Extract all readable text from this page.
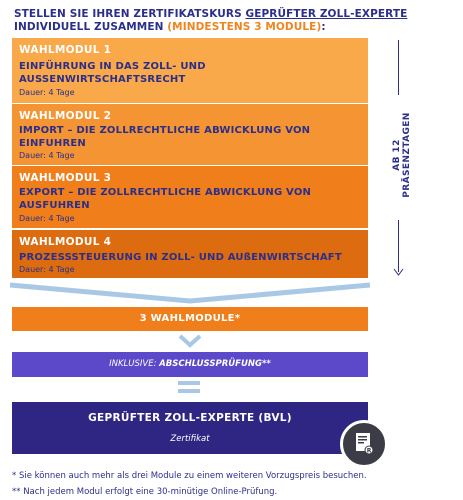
STELLEN SIE IHREN ZERTIFIKATSKURS GEPRÜFTER ZOLL-EXPERTE
INDIVIDUELL ZUSAMMEN (MINDESTENS 3 MODULE):
WAHLMODUL 1
EINFÜHRUNG IN DAS ZOLL- UND
AUSSENWIRTSCHAFTSRECHT
Dauer: 4 Tage
WAHLMODUL 2
IMPORT – DIE ZOLLRECHTLICHE ABWICKLUNG VON
EINFUHREN
Dauer: 4 Tage
WAHLMODUL 3
EXPORT – DIE ZOLLRECHTLICHE ABWICKLUNG VON
AUSFUHREN
Dauer: 4 Tage
WAHLMODUL 4
PROZESSSTEUERUNG IN ZOLL- UND AUßENWIRTSCHAFT
Dauer: 4 Tage
AB 12 PRÄSENZTAGEN
3 WAHLMODULE*
INKLUSIVE: ABSCHLUSSPRÜFUNG**
GEPRÜFTER ZOLL-EXPERTE (BVL)
Zertifikat
R
* Sie können auch mehr als drei Module zu einem weiteren Vorzugspreis besuchen.
** Nach jedem Modul erfolgt eine 30-minütige Online-Prüfung.
